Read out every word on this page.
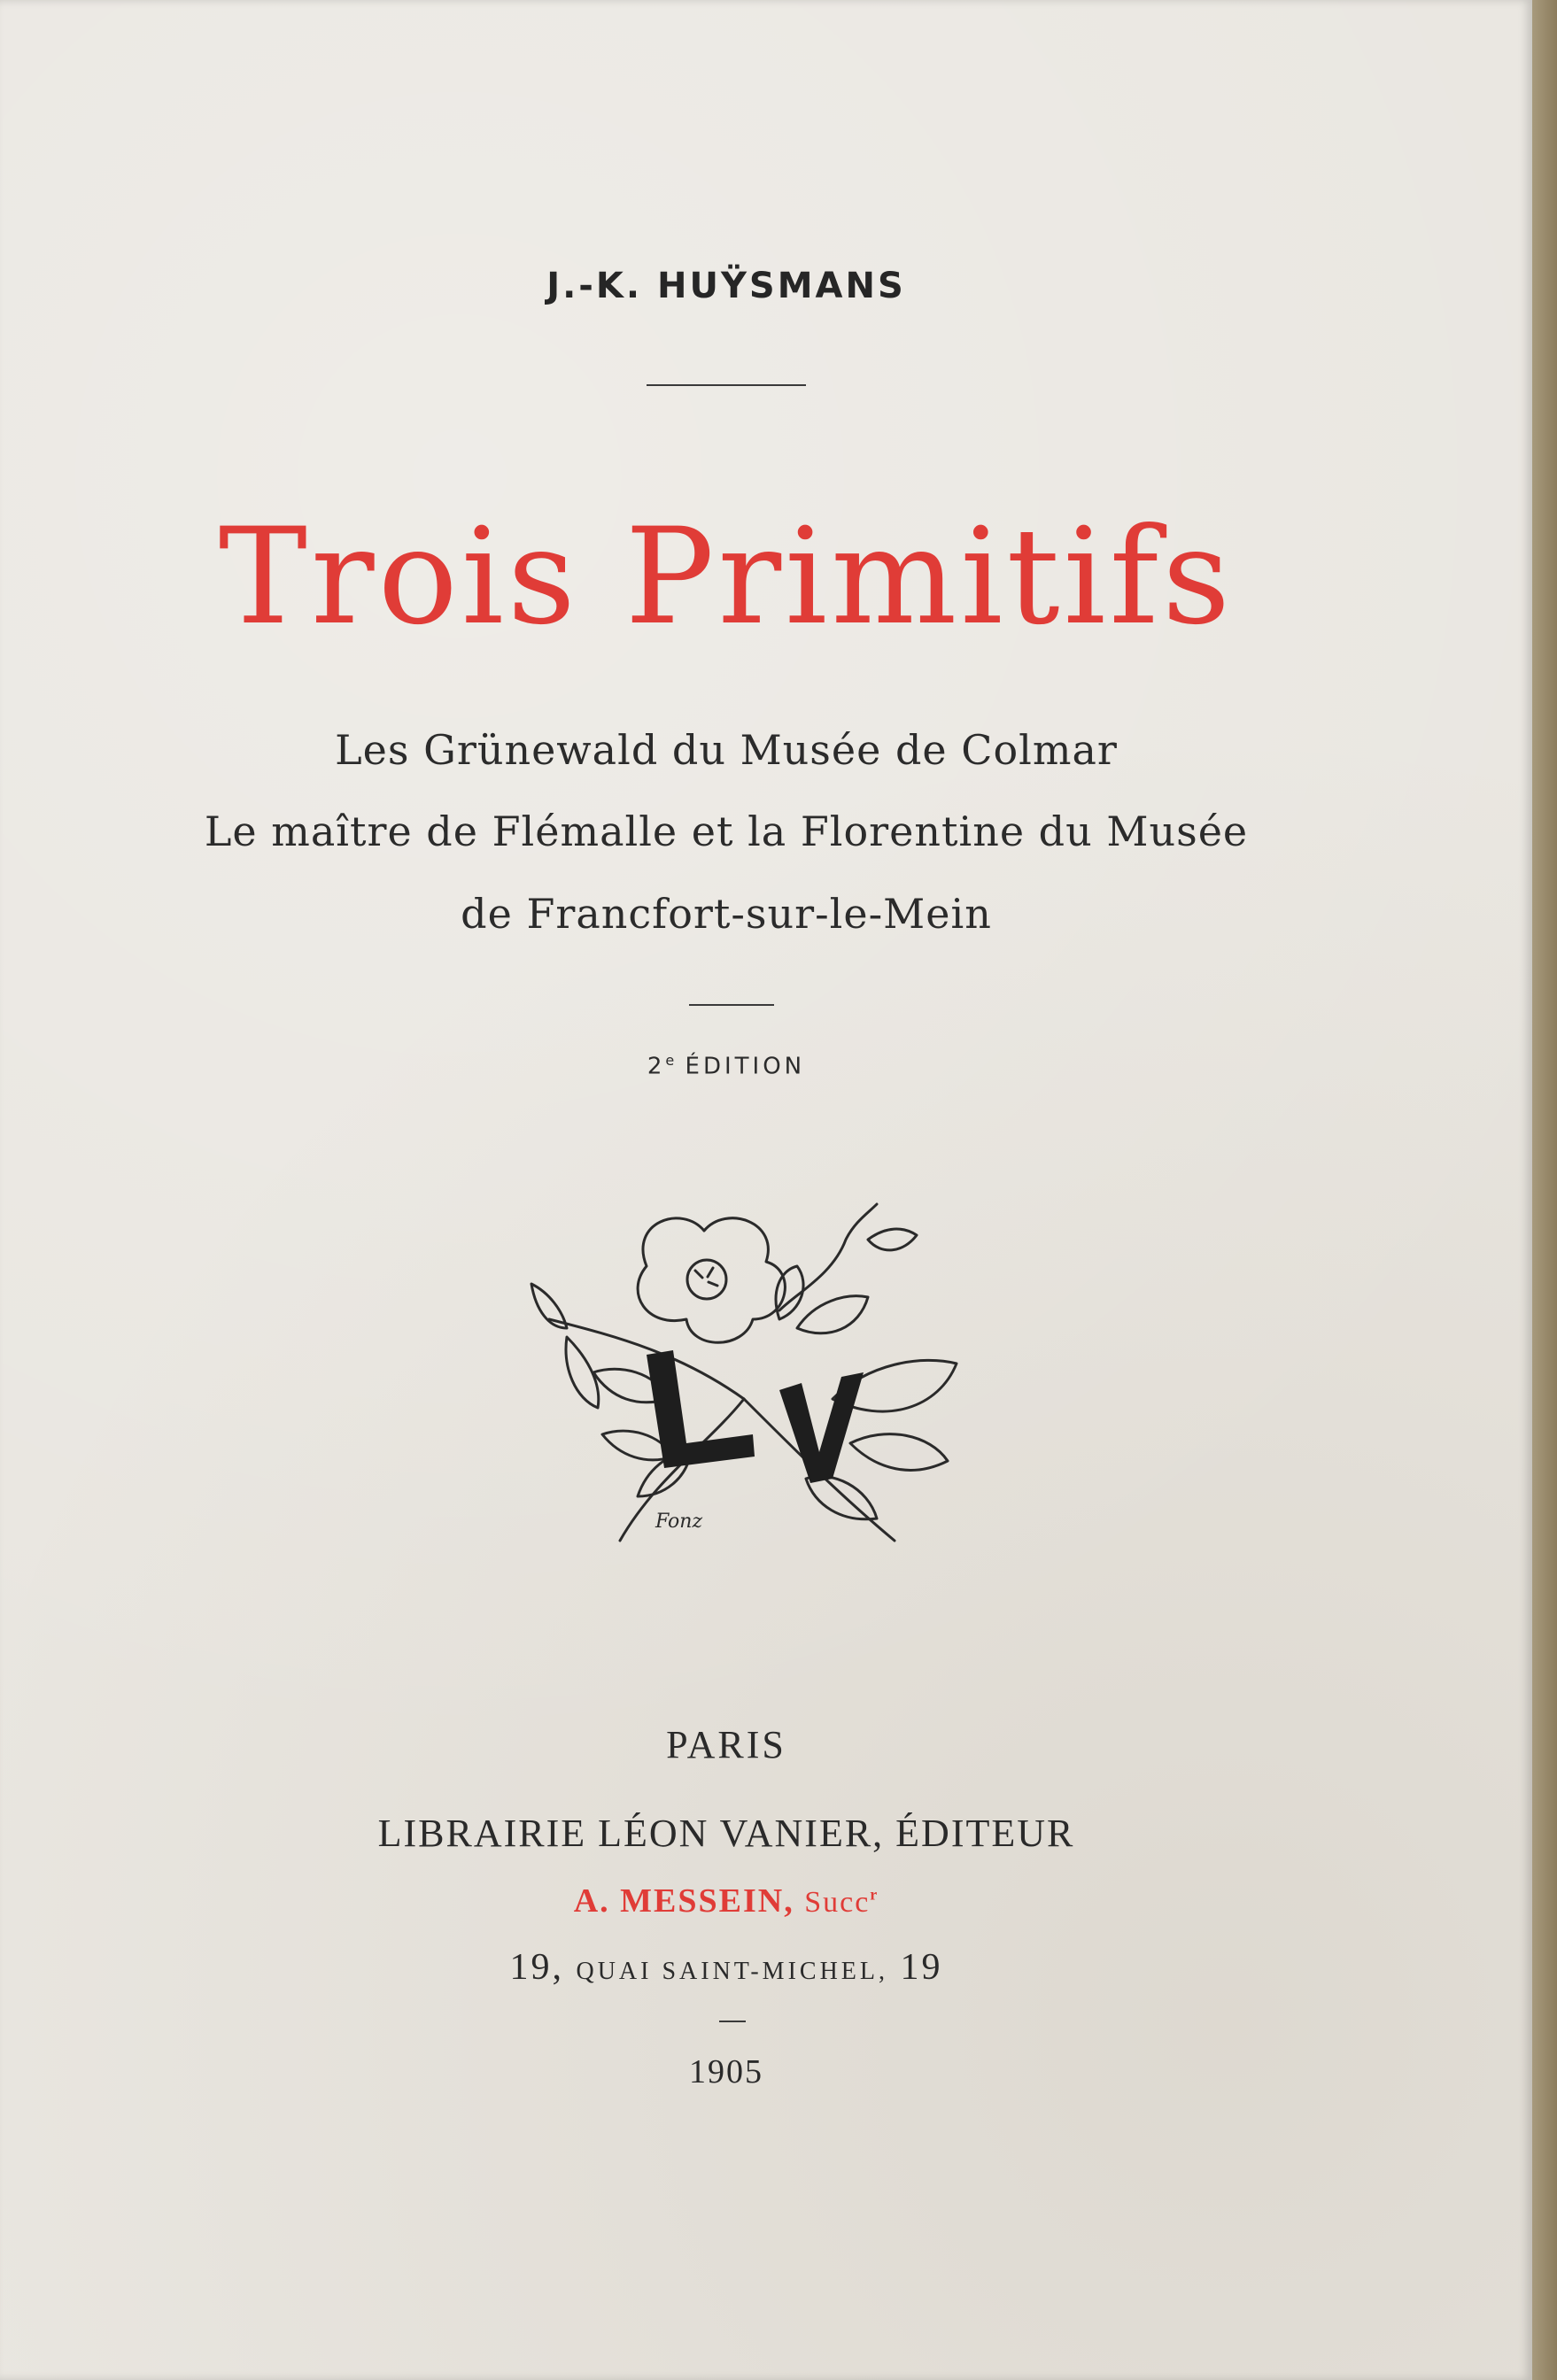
J.-K. HUŸSMANS
Trois Primitifs
Les Grünewald du Musée de Colmar
Le maître de Flémalle et la Florentine du Musée
de Francfort-sur-le-Mein
2e ÉDITION
Fonz
PARIS
LIBRAIRIE LÉON VANIER, ÉDITEUR
A. MESSEIN, Succ$^r$
19, QUAI SAINT-MICHEL, 19
1905
